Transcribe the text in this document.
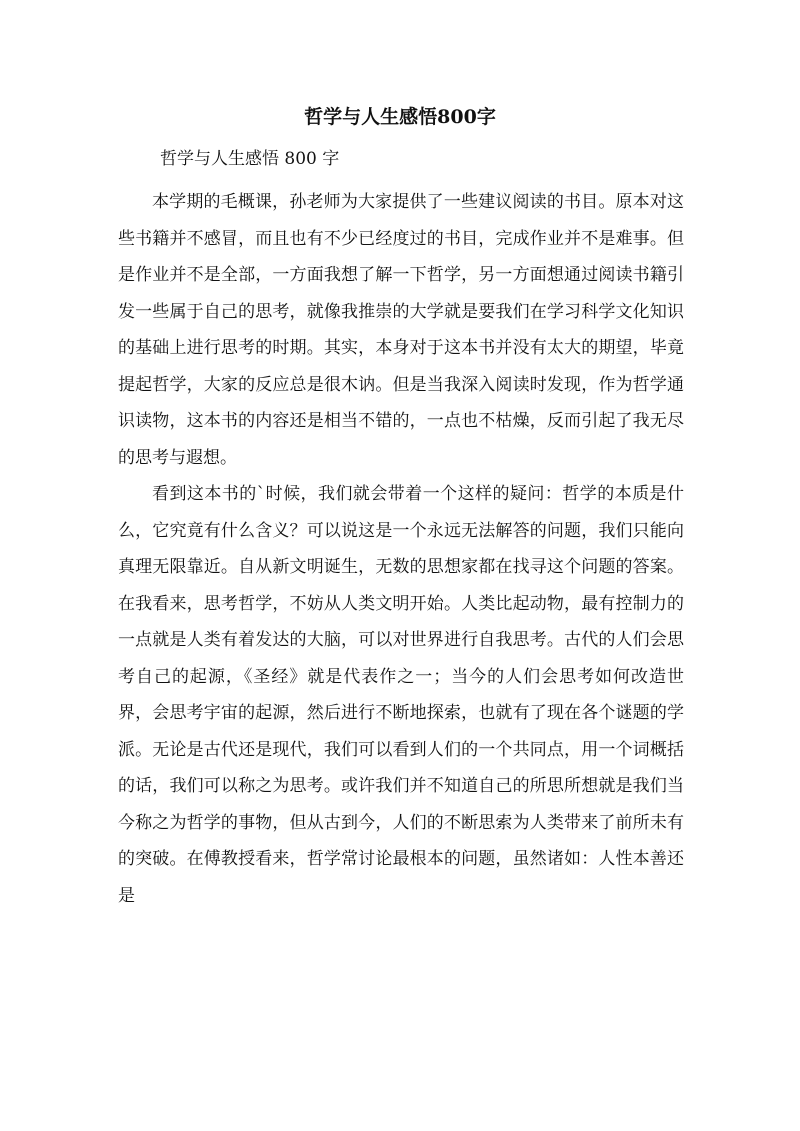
哲学与人生感悟800字

哲学与人生感悟 800 字

本学期的毛概课，孙老师为大家提供了一些建议阅读的书目。原本对这些书籍并不感冒，而且也有不少已经度过的书目，完成作业并不是难事。但是作业并不是全部，一方面我想了解一下哲学，另一方面想通过阅读书籍引发一些属于自己的思考，就像我推崇的大学就是要我们在学习科学文化知识的基础上进行思考的时期。其实，本身对于这本书并没有太大的期望，毕竟提起哲学，大家的反应总是很木讷。但是当我深入阅读时发现，作为哲学通识读物，这本书的内容还是相当不错的，一点也不枯燥，反而引起了我无尽的思考与遐想。

看到这本书的`时候，我们就会带着一个这样的疑问：哲学的本质是什么，它究竟有什么含义？可以说这是一个永远无法解答的问题，我们只能向真理无限靠近。自从新文明诞生，无数的思想家都在找寻这个问题的答案。在我看来，思考哲学，不妨从人类文明开始。人类比起动物，最有控制力的一点就是人类有着发达的大脑，可以对世界进行自我思考。古代的人们会思考自己的起源，《圣经》就是代表作之一；当今的人们会思考如何改造世界，会思考宇宙的起源，然后进行不断地探索，也就有了现在各个谜题的学派。无论是古代还是现代，我们可以看到人们的一个共同点，用一个词概括的话，我们可以称之为思考。或许我们并不知道自己的所思所想就是我们当今称之为哲学的事物，但从古到今，人们的不断思索为人类带来了前所未有的突破。在傅教授看来，哲学常讨论最根本的问题，虽然诸如：人性本善还是
